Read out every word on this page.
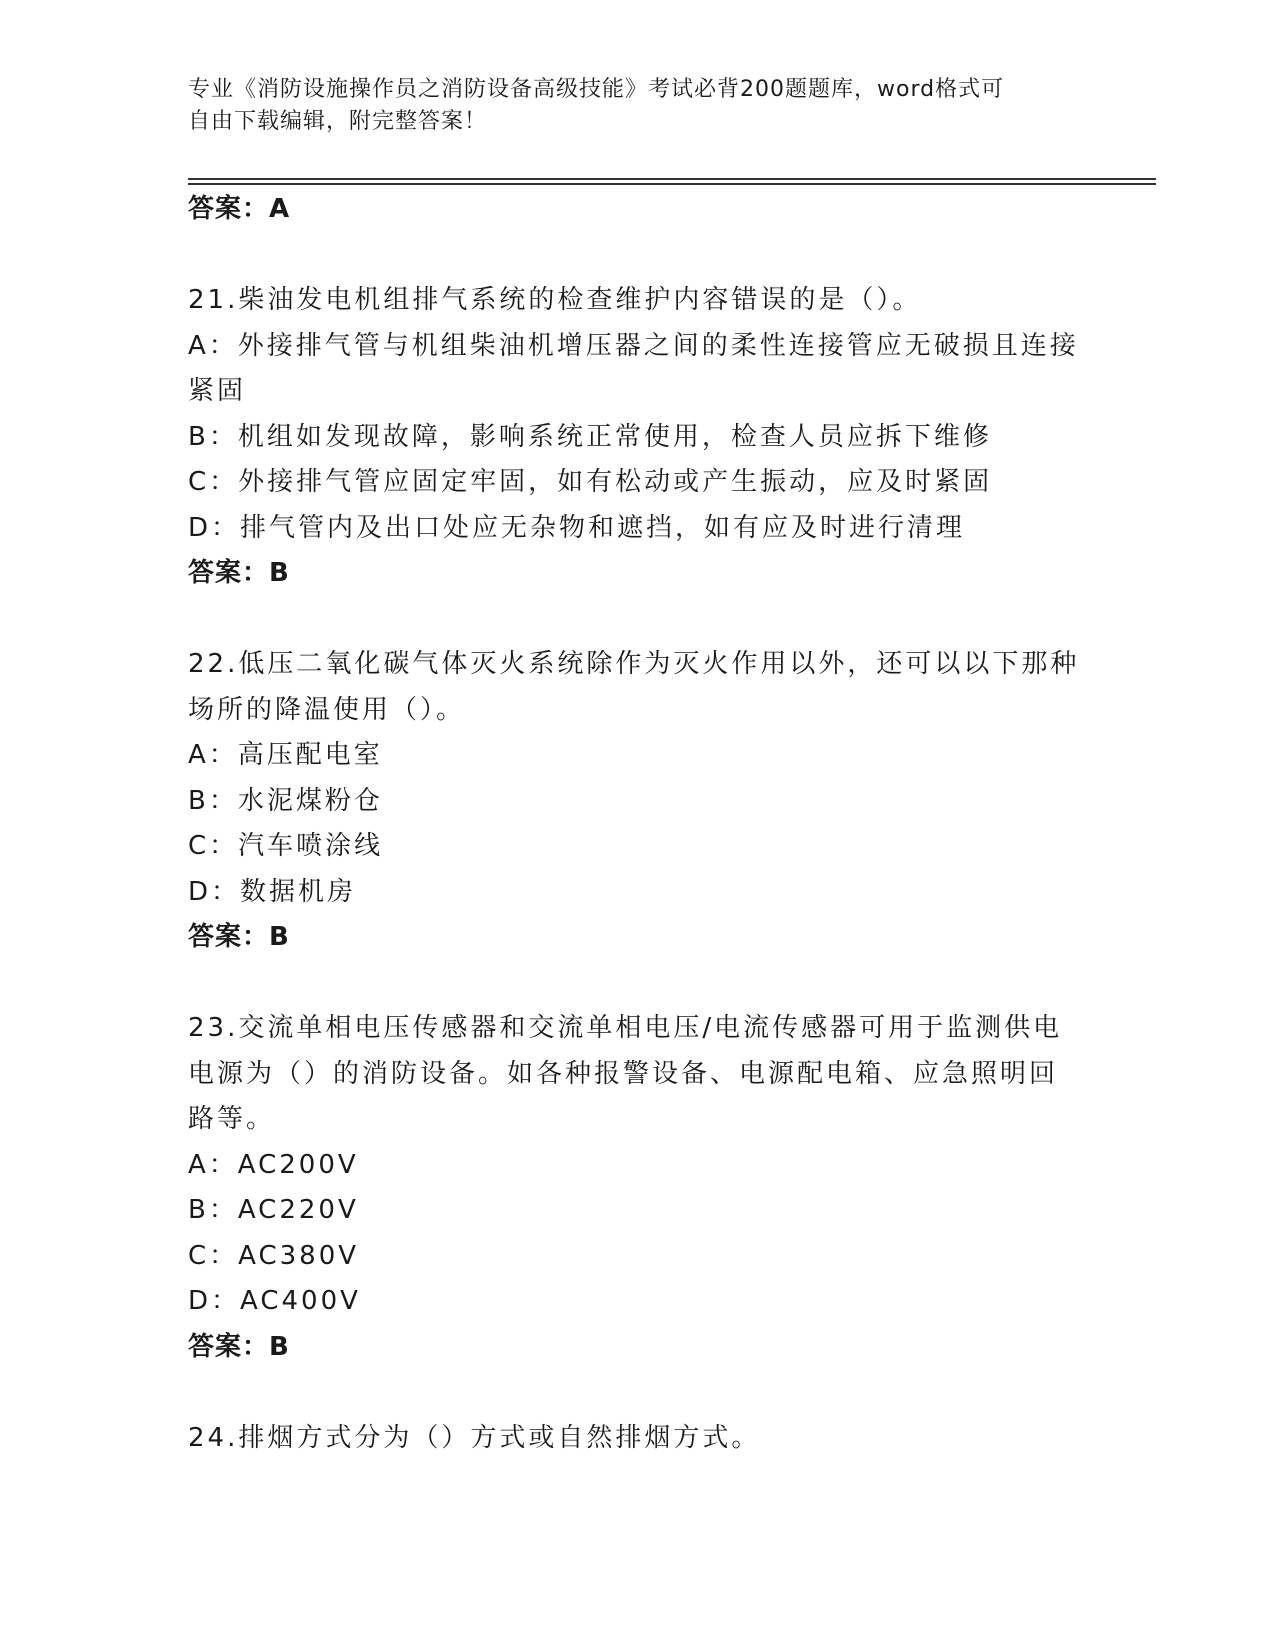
专业《消防设施操作员之消防设备高级技能》考试必背200题题库，word格式可
自由下载编辑，附完整答案！
答案：A
21.柴油发电机组排气系统的检查维护内容错误的是（）。
A：外接排气管与机组柴油机增压器之间的柔性连接管应无破损且连接
紧固
B：机组如发现故障，影响系统正常使用，检查人员应拆下维修
C：外接排气管应固定牢固，如有松动或产生振动，应及时紧固
D：排气管内及出口处应无杂物和遮挡，如有应及时进行清理
答案：B
22.低压二氧化碳气体灭火系统除作为灭火作用以外，还可以以下那种
场所的降温使用（）。
A：高压配电室
B：水泥煤粉仓
C：汽车喷涂线
D：数据机房
答案：B
23.交流单相电压传感器和交流单相电压/电流传感器可用于监测供电
电源为（）的消防设备。如各种报警设备、电源配电箱、应急照明回
路等。
A：AC200V
B：AC220V
C：AC380V
D：AC400V
答案：B
24.排烟方式分为（）方式或自然排烟方式。
